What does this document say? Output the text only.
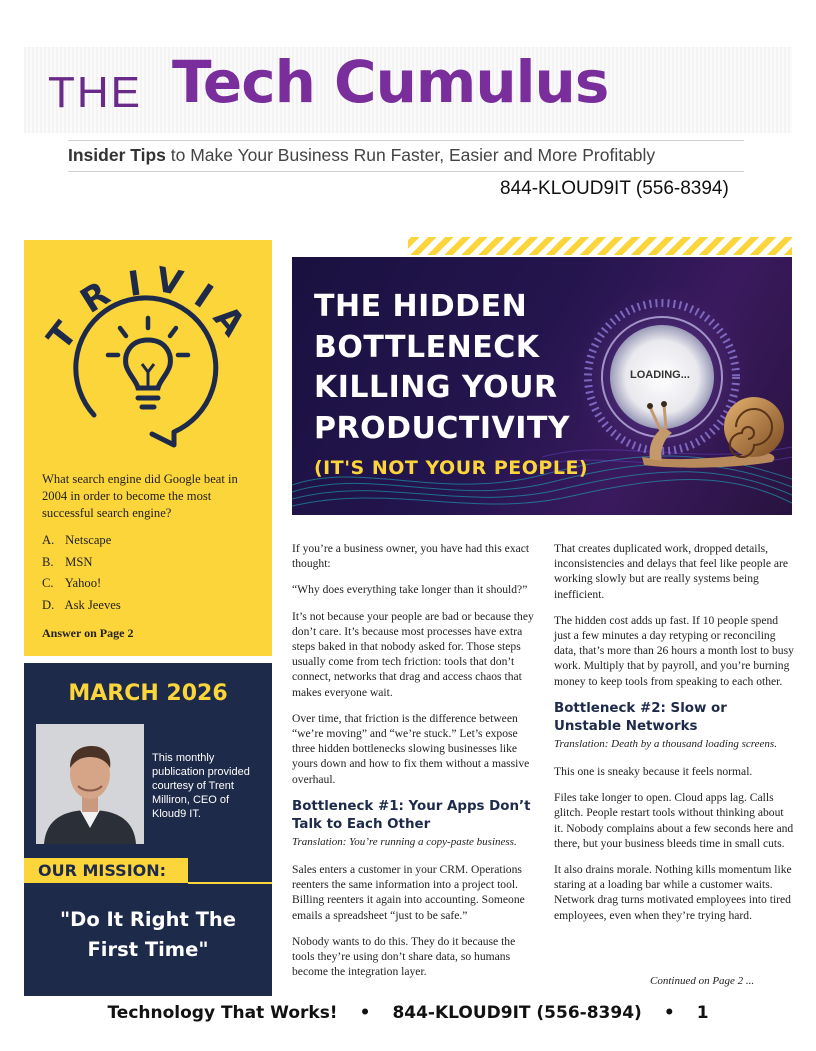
THE Tech Cumulus
Insider Tips to Make Your Business Run Faster, Easier and More Profitably
844-KLOUD9IT (556-8394)
T
R I V I
A
What search engine did Google beat in 2004 in order to become the most successful search engine?
A. Netscape
B. MSN
C. Yahoo!
D. Ask Jeeves
Answer on Page 2
MARCH 2026
This monthly publication provided courtesy of Trent Milliron, CEO of Kloud9 IT.
OUR MISSION:
"Do It Right The
First Time"
THE HIDDEN
BOTTLENECK
KILLING YOUR
PRODUCTIVITY
(IT'S NOT YOUR PEOPLE)
LOADING...

If you’re a business owner, you have had this exact thought:

“Why does everything take longer than it should?”

It’s not because your people are bad or because they don’t care. It’s because most processes have extra steps baked in that nobody asked for. Those steps usually come from tech friction: tools that don’t connect, networks that drag and access chaos that makes everyone wait.

Over time, that friction is the difference between “we’re moving” and “we’re stuck.” Let’s expose three hidden bottlenecks slowing businesses like yours down and how to fix them without a massive overhaul.

Bottleneck #1: Your Apps Don’t Talk to Each Other

Translation: You’re running a copy-paste business.

Sales enters a customer in your CRM. Operations reenters the same information into a project tool. Billing reenters it again into accounting. Someone emails a spreadsheet “just to be safe.”

Nobody wants to do this. They do it because the tools they’re using don’t share data, so humans become the integration layer.

That creates duplicated work, dropped details, inconsistencies and delays that feel like people are working slowly but are really systems being inefficient.

The hidden cost adds up fast. If 10 people spend just a few minutes a day retyping or reconciling data, that’s more than 26 hours a month lost to busy work. Multiply that by payroll, and you’re burning money to keep tools from speaking to each other.

Bottleneck #2: Slow or Unstable Networks

Translation: Death by a thousand loading screens.

This one is sneaky because it feels normal.

Files take longer to open. Cloud apps lag. Calls glitch. People restart tools without thinking about it. Nobody complains about a few seconds here and there, but your business bleeds time in small cuts.

It also drains morale. Nothing kills momentum like staring at a loading bar while a customer waits. Network drag turns motivated employees into tired employees, even when they’re trying hard.

Continued on Page 2 ...
Technology That Works! • 844-KLOUD9IT (556-8394) • 1
